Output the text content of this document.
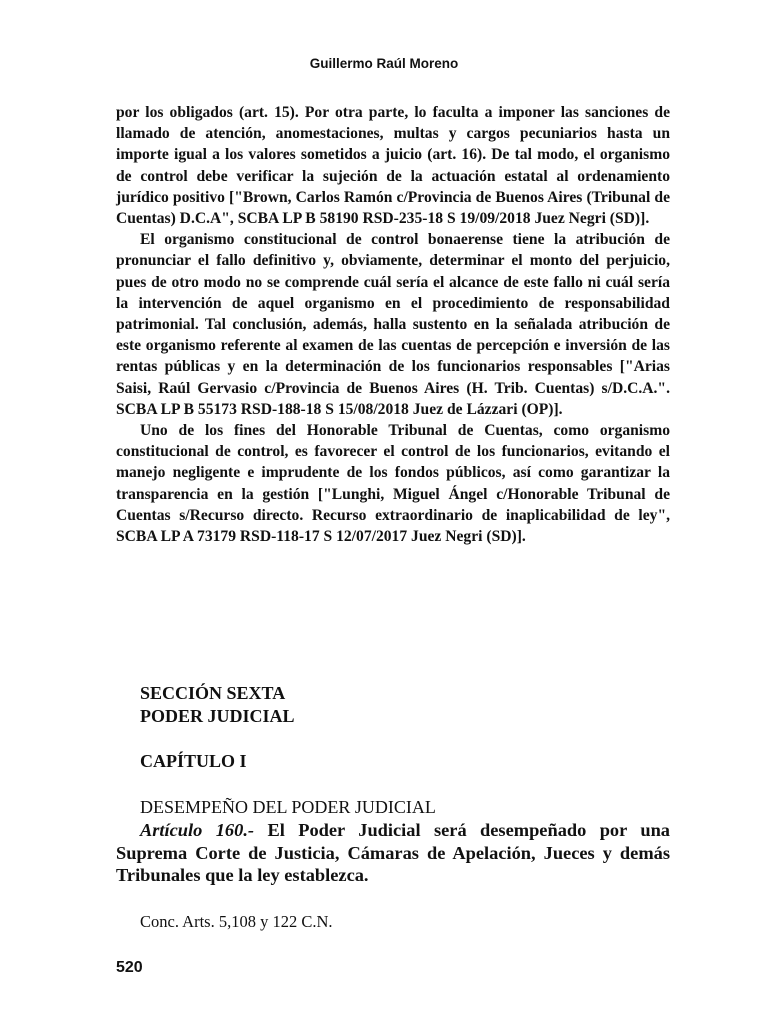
Guillermo Raúl Moreno

por los obligados (art. 15). Por otra parte, lo faculta a imponer las sanciones de llamado de atención, anomestaciones, multas y cargos pecuniarios hasta un importe igual a los valores sometidos a juicio (art. 16). De tal modo, el organismo de control debe verificar la sujeción de la actuación estatal al ordenamiento jurídico positivo ["Brown, Carlos Ramón c/Provincia de Buenos Aires (Tribunal de Cuentas) D.C.A", SCBA LP B 58190 RSD-235-18 S 19/09/2018 Juez Negri (SD)].

El organismo constitucional de control bonaerense tiene la atribución de pronunciar el fallo definitivo y, obviamente, determinar el monto del perjuicio, pues de otro modo no se comprende cuál sería el alcance de este fallo ni cuál sería la intervención de aquel organismo en el procedimiento de responsabilidad patrimonial. Tal conclusión, además, halla sustento en la señalada atribución de este organismo referente al examen de las cuentas de percepción e inversión de las rentas públicas y en la determinación de los funcionarios responsables ["Arias Saisi, Raúl Gervasio c/Provincia de Buenos Aires (H. Trib. Cuentas) s/D.C.A.". SCBA LP B 55173 RSD-188-18 S 15/08/2018 Juez de Lázzari (OP)].

Uno de los fines del Honorable Tribunal de Cuentas, como organismo constitucional de control, es favorecer el control de los funcionarios, evitando el manejo negligente e imprudente de los fondos públicos, así como garantizar la transparencia en la gestión ["Lunghi, Miguel Ángel c/Honorable Tribunal de Cuentas s/Recurso directo. Recurso extraordinario de inaplicabilidad de ley", SCBA LP A 73179 RSD-118-17 S 12/07/2017 Juez Negri (SD)].

SECCIÓN SEXTA
PODER JUDICIAL
CAPÍTULO I
DESEMPEÑO DEL PODER JUDICIAL

Artículo 160.- El Poder Judicial será desempeñado por una Suprema Corte de Justicia, Cámaras de Apelación, Jueces y demás Tribunales que la ley establezca.

Conc. Arts. 5,108 y 122 C.N.
520
